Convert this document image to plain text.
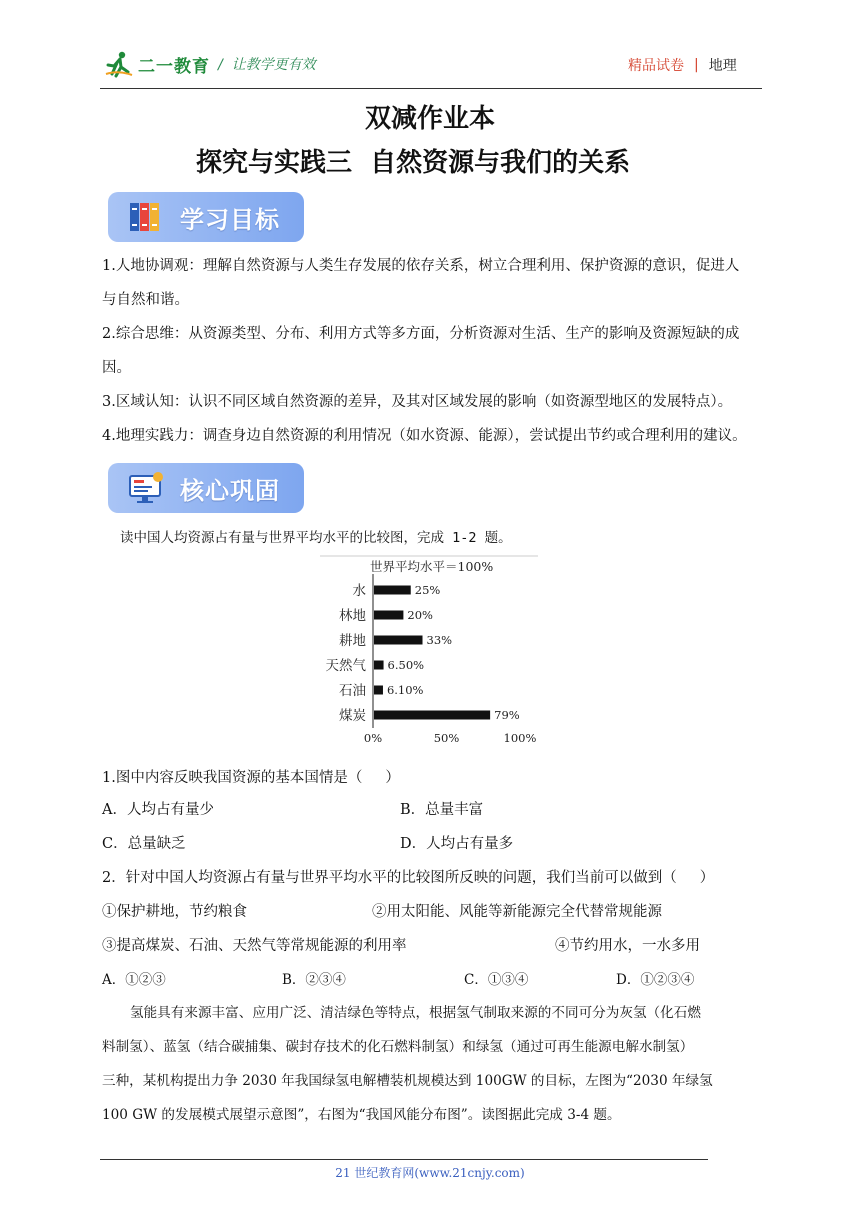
二一教育 /  让教学更有效	精品试卷 | 地理
双减作业本
探究与实践三  自然资源与我们的关系
学习目标
1.人地协调观：理解自然资源与人类生存发展的依存关系，树立合理利用、保护资源的意识，促进人
与自然和谐。
2.综合思维：从资源类型、分布、利用方式等多方面，分析资源对生活、生产的影响及资源短缺的成
因。
3.区域认知：认识不同区域自然资源的差异，及其对区域发展的影响（如资源型地区的发展特点）。
4.地理实践力：调查身边自然资源的利用情况（如水资源、能源），尝试提出节约或合理利用的建议。
核心巩固
读中国人均资源占有量与世界平均水平的比较图，完成 1-2 题。
世界平均水平＝100%
水	25%
林地	20%
耕地	33%
天然气 6.50%
石油 6.10%
煤炭	79%
0%	50%	100%
1.图中内容反映我国资源的基本国情是（     ）
A．人均占有量少	B．总量丰富
C．总量缺乏	D．人均占有量多
2．针对中国人均资源占有量与世界平均水平的比较图所反映的问题，我们当前可以做到（     ）
①保护耕地，节约粮食	②用太阳能、风能等新能源完全代替常规能源
③提高煤炭、石油、天然气等常规能源的利用率	④节约用水，一水多用
A．①②③	B．②③④	C．①③④	D．①②③④
氢能具有来源丰富、应用广泛、清洁绿色等特点，根据氢气制取来源的不同可分为灰氢（化石燃
料制氢）、蓝氢（结合碳捕集、碳封存技术的化石燃料制氢）和绿氢（通过可再生能源电解水制氢）
三种，某机构提出力争 2030 年我国绿氢电解槽装机规模达到 100GW 的目标，左图为“2030 年绿氢
100 GW 的发展模式展望示意图”，右图为“我国风能分布图”。读图据此完成 3-4 题。
21 世纪教育网(www.21cnjy.com)
